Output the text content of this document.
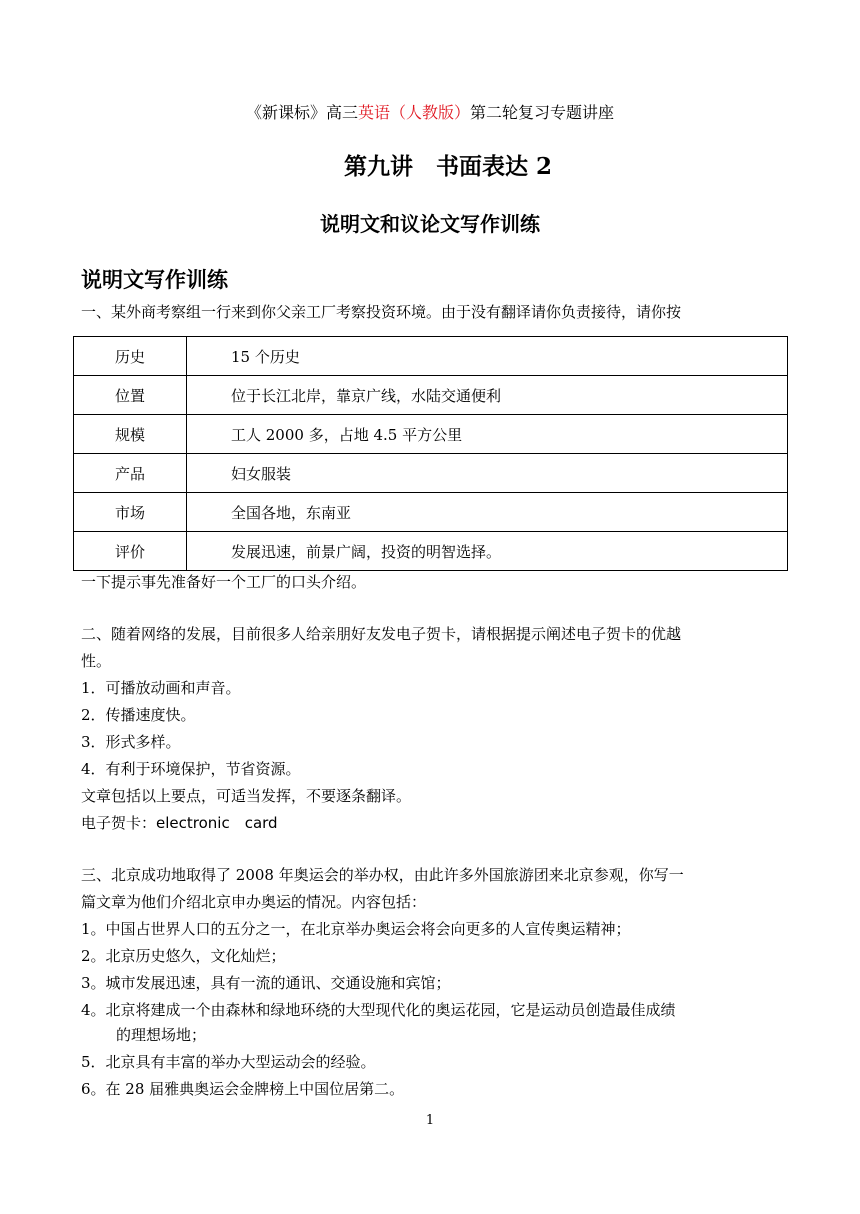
《新课标》高三英语（人教版）第二轮复习专题讲座
第九讲　书面表达 2
说明文和议论文写作训练
说明文写作训练
一、某外商考察组一行来到你父亲工厂考察投资环境。由于没有翻译请你负责接待，请你按
历史	15 个历史
位置	位于长江北岸，靠京广线，水陆交通便利
规模	工人 2000 多，占地 4.5 平方公里
产品	妇女服装
市场	全国各地，东南亚
评价	发展迅速，前景广阔，投资的明智选择。
一下提示事先准备好一个工厂的口头介绍。
二、随着网络的发展，目前很多人给亲朋好友发电子贺卡，请根据提示阐述电子贺卡的优越
性。
1．可播放动画和声音。
2．传播速度快。
3．形式多样。
4．有利于环境保护，节省资源。
文章包括以上要点，可适当发挥，不要逐条翻译。
电子贺卡：electronic　card
三、北京成功地取得了 2008 年奥运会的举办权，由此许多外国旅游团来北京参观，你写一
篇文章为他们介绍北京申办奥运的情况。内容包括：
1。中国占世界人口的五分之一，在北京举办奥运会将会向更多的人宣传奥运精神；
2。北京历史悠久，文化灿烂；
3。城市发展迅速，具有一流的通讯、交通设施和宾馆；
4。北京将建成一个由森林和绿地环绕的大型现代化的奥运花园，它是运动员创造最佳成绩
的理想场地；
5．北京具有丰富的举办大型运动会的经验。
6。在 28 届雅典奥运会金牌榜上中国位居第二。
1
